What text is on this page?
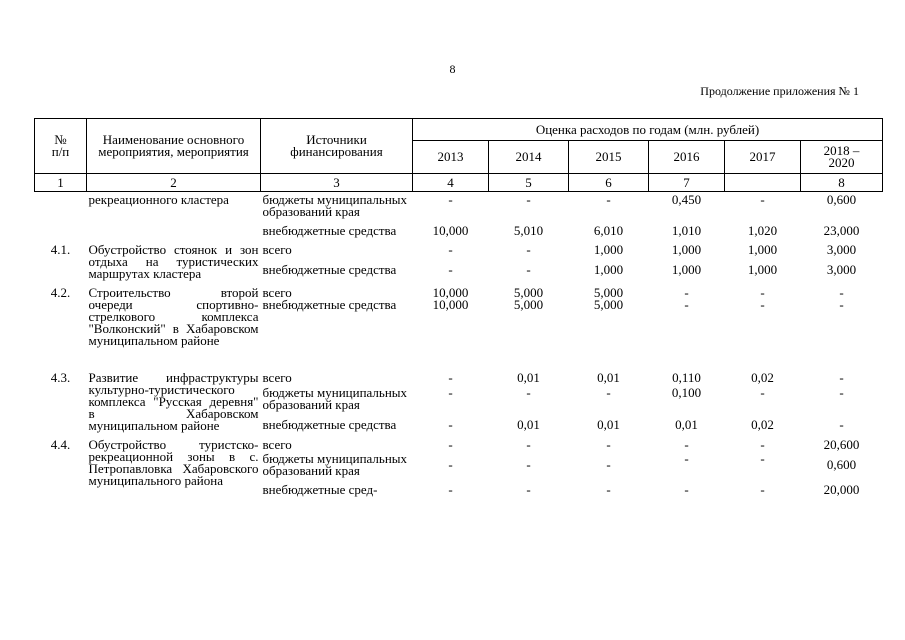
8
Продолжение приложения № 1
№
п/п	Наименование основного мероприятия, мероприятия	Источники финансирования	Оценка расходов по годам (млн. рублей)					
			2013	2014	2015	2016	2017	2018 –
2020
1	2	3	4	5	6	7		8
	рекреационного кластера	бюджеты муниципальных образований края	-	-	-	0,450	-	0,600
		внебюджетные средства	10,000	5,010	6,010	1,010	1,020	23,000
4.1.	Обустройство стоянок и зон отдыха на туристических маршрутах кластера	всего	-	-	1,000	1,000	1,000	3,000
		внебюджетные средства	-	-	1,000	1,000	1,000	3,000
4.2.	Строительство второй очереди спортивно-стрелкового комплекса "Волконский" в Хабаровском муниципальном районе	всего	10,000	5,000	5,000	-	-	-
		внебюджетные средства	10,000	5,000	5,000	-	-	-
4.3.	Развитие инфраструктуры культурно-туристического комплекса "Русская деревня" в Хабаровском муниципальном районе	всего	-	0,01	0,01	0,110	0,02	-
		бюджеты муниципальных образований края	-	-	-	0,100	-	-
		внебюджетные средства	-	0,01	0,01	0,01	0,02	-
4.4.	Обустройство туристско-рекреационной зоны в с. Петропавловка Хабаровского муниципального района	всего	-	-	-	-	-	20,600
		бюджеты муниципальных образований края	-	-	-	-	-	0,600
		внебюджетные сред-	-	-	-	-	-	20,000
